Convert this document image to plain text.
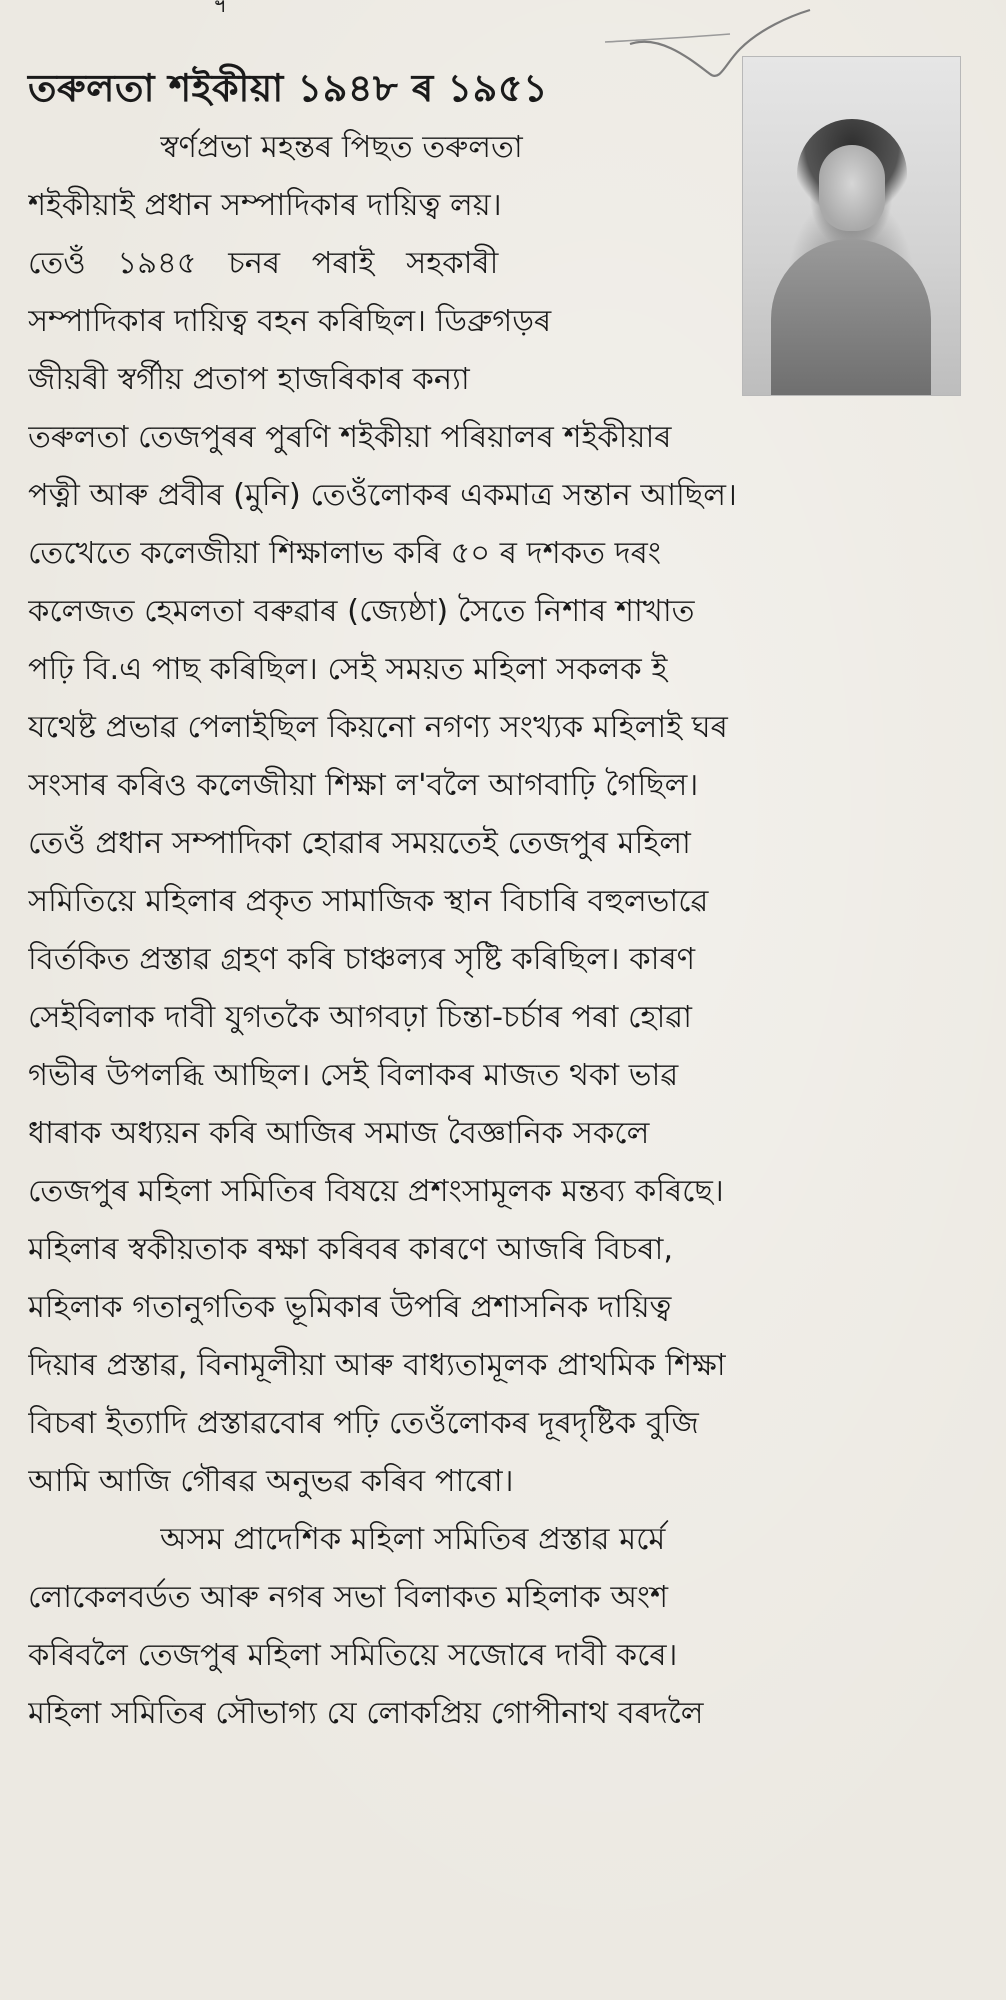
ฯ
তৰুলতা শইকীয়া ১৯৪৮ ৰ ১৯৫১
স্বৰ্ণপ্ৰভা মহন্তৰ পিছত তৰুলতা
শইকীয়াই প্ৰধান সম্পাদিকাৰ দায়িত্ব লয়।
তেওঁ ১৯৪৫ চনৰ পৰাই সহকাৰী
সম্পাদিকাৰ দায়িত্ব বহন কৰিছিল। ডিব্ৰুগড়ৰ
জীয়ৰী স্বৰ্গীয় প্ৰতাপ হাজৰিকাৰ কন্যা
তৰুলতা তেজপুৰৰ পুৰণি শইকীয়া পৰিয়ালৰ শইকীয়াৰ
পত্নী আৰু প্ৰবীৰ (মুনি) তেওঁলোকৰ একমাত্ৰ সন্তান আছিল।
তেখেতে কলেজীয়া শিক্ষালাভ কৰি ৫০ ৰ দশকত দৰং
কলেজত হেমলতা বৰুৱাৰ (জ্যেষ্ঠা) সৈতে নিশাৰ শাখাত
পঢ়ি বি.এ পাছ কৰিছিল। সেই সময়ত মহিলা সকলক ই
যথেষ্ট প্ৰভাৱ পেলাইছিল কিয়নো নগণ্য সংখ্যক মহিলাই ঘৰ
সংসাৰ কৰিও কলেজীয়া শিক্ষা ল'বলৈ আগবাঢ়ি গৈছিল।
তেওঁ প্ৰধান সম্পাদিকা হোৱাৰ সময়তেই তেজপুৰ মহিলা
সমিতিয়ে মহিলাৰ প্ৰকৃত সামাজিক স্থান বিচাৰি বহুলভাৱে
বিৰ্তকিত প্ৰস্তাৱ গ্ৰহণ কৰি চাঞ্চল্যৰ সৃষ্টি কৰিছিল। কাৰণ
সেইবিলাক দাবী যুগতকৈ আগবঢ়া চিন্তা-চৰ্চাৰ পৰা হোৱা
গভীৰ উপলব্ধি আছিল। সেই বিলাকৰ মাজত থকা ভাৱ
ধাৰাক অধ্যয়ন কৰি আজিৰ সমাজ বৈজ্ঞানিক সকলে
তেজপুৰ মহিলা সমিতিৰ বিষয়ে প্ৰশংসামূলক মন্তব্য কৰিছে।
মহিলাৰ স্বকীয়তাক ৰক্ষা কৰিবৰ কাৰণে আজৰি বিচৰা,
মহিলাক গতানুগতিক ভূমিকাৰ উপৰি প্ৰশাসনিক দায়িত্ব
দিয়াৰ প্ৰস্তাৱ, বিনামূলীয়া আৰু বাধ্যতামূলক প্ৰাথমিক শিক্ষা
বিচৰা ইত্যাদি প্ৰস্তাৱবোৰ পঢ়ি তেওঁলোকৰ দূৰদৃষ্টিক বুজি
আমি আজি গৌৰৱ অনুভৱ কৰিব পাৰো।
অসম প্ৰাদেশিক মহিলা সমিতিৰ প্ৰস্তাৱ মৰ্মে
লোকেলবৰ্ডত আৰু নগৰ সভা বিলাকত মহিলাক অংশ
কৰিবলৈ তেজপুৰ মহিলা সমিতিয়ে সজোৰে দাবী কৰে।
মহিলা সমিতিৰ সৌভাগ্য যে লোকপ্ৰিয় গোপীনাথ বৰদলৈ
